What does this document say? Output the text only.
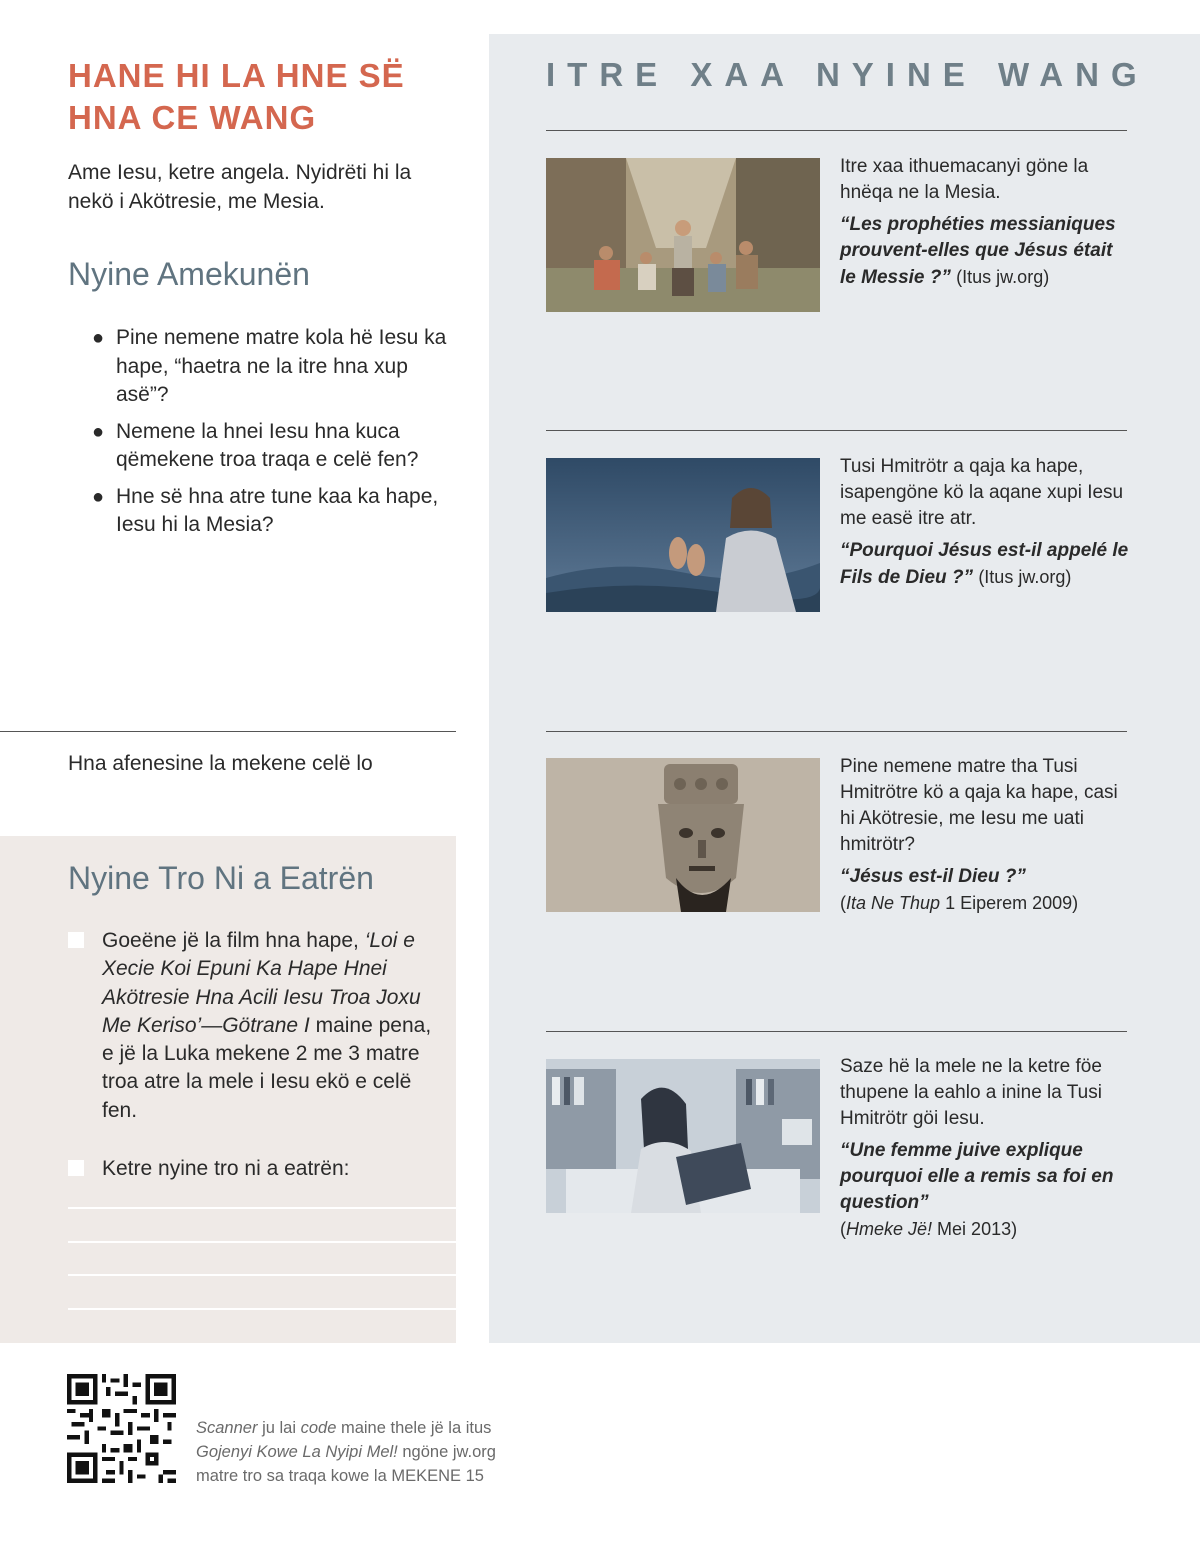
HANE HI LA HNE SË HNA CE WANG
Ame Iesu, ketre angela. Nyidrëti hi la nekö i Akötresie, me Mesia.
Nyine Amekunën
● Pine nemene matre kola hë Iesu ka hape, “haetra ne la itre hna xup asë”?
● Nemene la hnei Iesu hna kuca qëmekene troa traqa e celë fen?
● Hne së hna atre tune kaa ka hape, Iesu hi la Mesia?
Hna afenesine la mekene celë lo
Nyine Tro Ni a Eatrën
Goeëne jë la film hna hape, ‘Loi e Xecie Koi Epuni Ka Hape Hnei Akötresie Hna Acili Iesu Troa Joxu Me Keriso’—Götrane I maine pena, e jë la Luka mekene 2 me 3 matre troa atre la mele i Iesu ekö e celë fen.
Ketre nyine tro ni a eatrën:
ITRE XAA NYINE WANG
Itre xaa ithuemacanyi göne la hnëqa ne la Mesia.
“Les prophéties messianiques prouvent-elles que Jésus était le Messie ?” (Itus jw.org)
Tusi Hmitrötr a qaja ka hape, isapengöne kö la aqane xupi Iesu me easë itre atr.
“Pourquoi Jésus est-il appelé le Fils de Dieu ?” (Itus jw.org)
Pine nemene matre tha Tusi Hmitrötre kö a qaja ka hape, casi hi Akötresie, me Iesu me uati hmitrötr?
“Jésus est-il Dieu ?”
(Ita Ne Thup 1 Eiperem 2009)
Saze hë la mele ne la ketre föe thupene la eahlo a inine la Tusi Hmitrötr göi Iesu.
“Une femme juive explique pourquoi elle a remis sa foi en question”
(Hmeke Jë! Mei 2013)
Scanner ju lai code maine thele jë la itus
Gojenyi Kowe La Nyipi Mel! ngöne jw.org
matre tro sa traqa kowe la MEKENE 15
